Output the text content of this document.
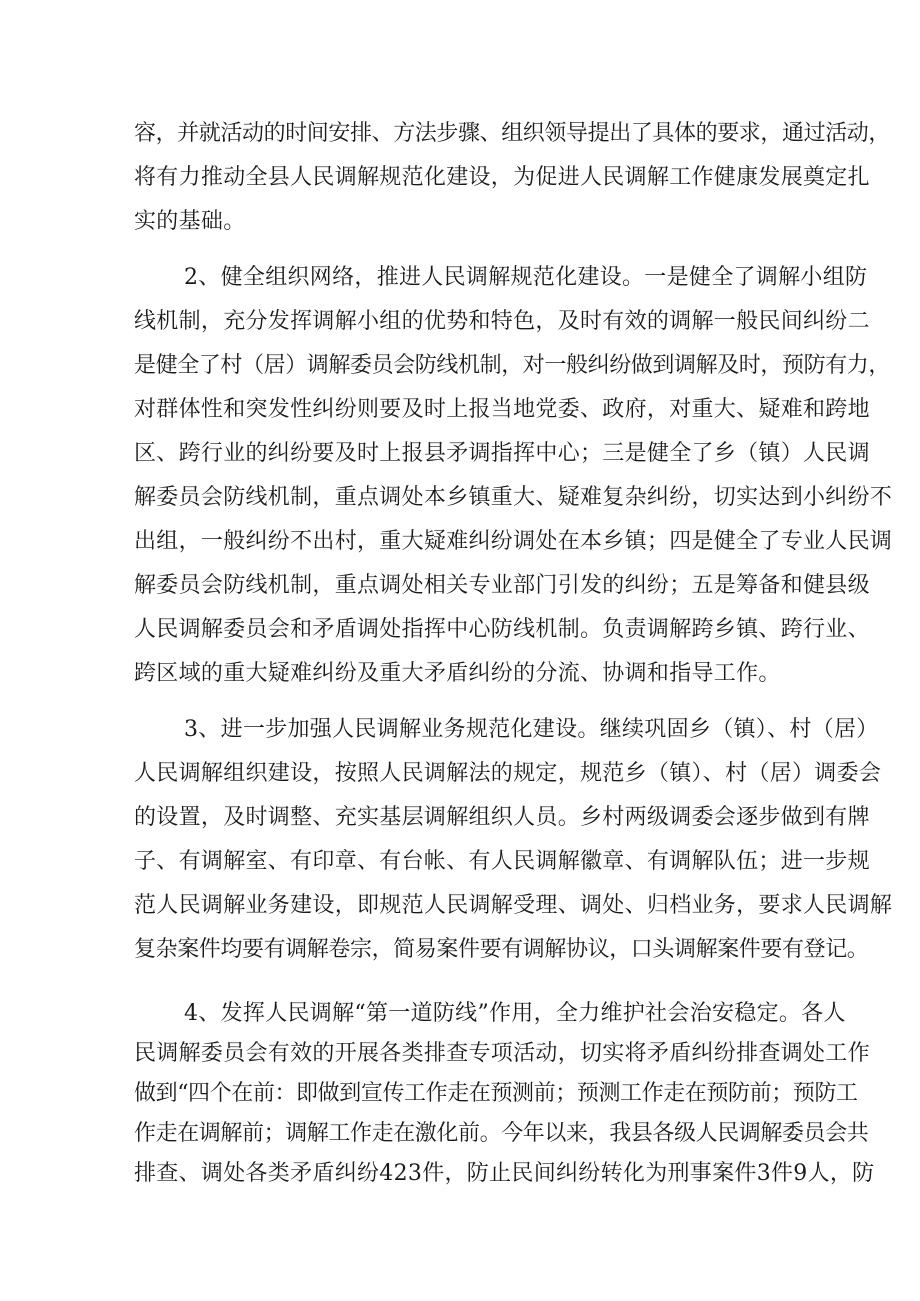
容，并就活动的时间安排、方法步骤、组织领导提出了具体的要求，通过活动，
将有力推动全县人民调解规范化建设，为促进人民调解工作健康发展奠定扎
实的基础。
2、健全组织网络，推进人民调解规范化建设。一是健全了调解小组防
线机制，充分发挥调解小组的优势和特色，及时有效的调解一般民间纠纷二
是健全了村（居）调解委员会防线机制，对一般纠纷做到调解及时，预防有力，
对群体性和突发性纠纷则要及时上报当地党委、政府，对重大、疑难和跨地
区、跨行业的纠纷要及时上报县矛调指挥中心；三是健全了乡（镇）人民调
解委员会防线机制，重点调处本乡镇重大、疑难复杂纠纷，切实达到小纠纷不
出组，一般纠纷不出村，重大疑难纠纷调处在本乡镇；四是健全了专业人民调
解委员会防线机制，重点调处相关专业部门引发的纠纷；五是筹备和健县级
人民调解委员会和矛盾调处指挥中心防线机制。负责调解跨乡镇、跨行业、
跨区域的重大疑难纠纷及重大矛盾纠纷的分流、协调和指导工作。
3、进一步加强人民调解业务规范化建设。继续巩固乡（镇）、村（居）
人民调解组织建设，按照人民调解法的规定，规范乡（镇）、村（居）调委会
的设置，及时调整、充实基层调解组织人员。乡村两级调委会逐步做到有牌
子、有调解室、有印章、有台帐、有人民调解徽章、有调解队伍；进一步规
范人民调解业务建设，即规范人民调解受理、调处、归档业务，要求人民调解
复杂案件均要有调解卷宗，简易案件要有调解协议，口头调解案件要有登记。
4、发挥人民调解“第一道防线”作用，全力维护社会治安稳定。各人
民调解委员会有效的开展各类排查专项活动，切实将矛盾纠纷排查调处工作
做到“四个在前：即做到宣传工作走在预测前；预测工作走在预防前；预防工
作走在调解前；调解工作走在激化前。今年以来，我县各级人民调解委员会共
排查、调处各类矛盾纠纷423件，防止民间纠纷转化为刑事案件3件9人，防
